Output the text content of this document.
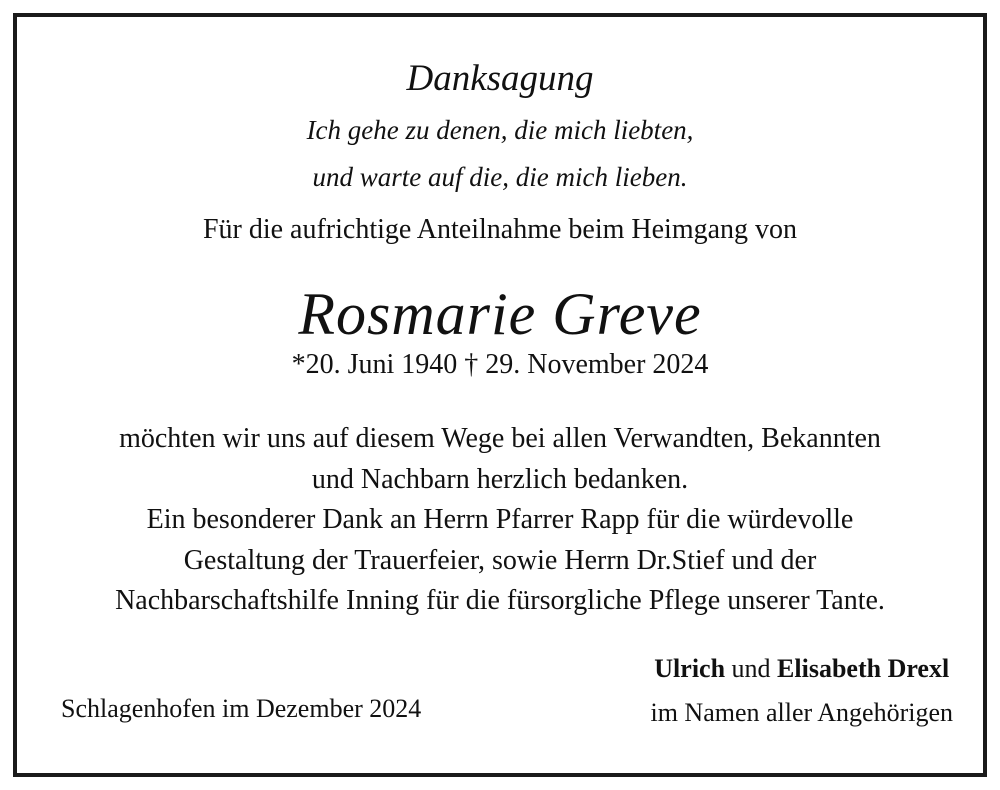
Danksagung

Ich gehe zu denen, die mich liebten,

und warte auf die, die mich lieben.

Für die aufrichtige Anteilnahme beim Heimgang von

Rosmarie Greve

*20. Juni 1940 † 29. November 2024

möchten wir uns auf diesem Wege bei allen Verwandten, Bekannten
und Nachbarn herzlich bedanken.
Ein besonderer Dank an Herrn Pfarrer Rapp für die würdevolle
Gestaltung der Trauerfeier, sowie Herrn Dr.Stief und der
Nachbarschaftshilfe Inning für die fürsorgliche Pflege unserer Tante.
Schlagenhofen im Dezember 2024
Ulrich und Elisabeth Drexl
im Namen aller Angehörigen
